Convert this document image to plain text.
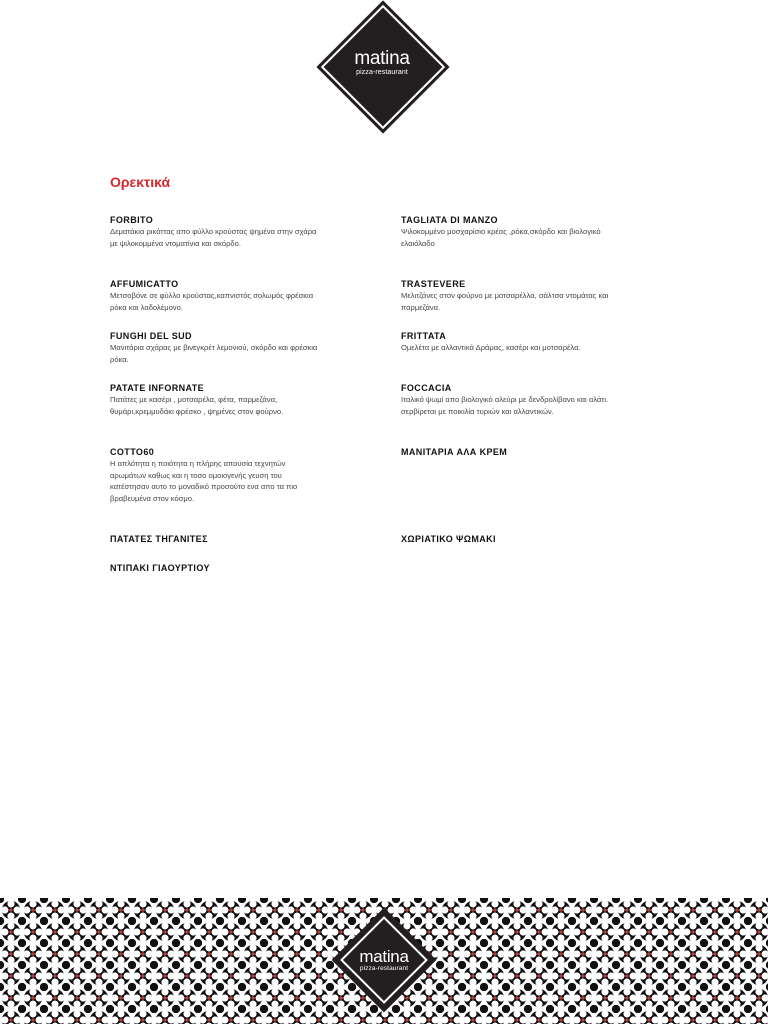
matina
pizza-restaurant
Ορεκτικά
FORBITO
Δεματάκια ρικόττας απο φύλλο κρούστας ψημένα στην σχάρα με ψιλοκομμένα ντοματίνια και σκόρδο.
TAGLIATA DI MANZO
Ψιλοκομμένο μοσχαρίσιο κρέας ,ρόκα,σκόρδο και βιολογικό ελαιόλαδο
AFFUMICATTO
Μετσοβόνε σε φύλλο κρούστας,καπνιστός σολωμός φρέσκια ρόκα και λαδολέμονο.
TRASTEVERE
Μελιτζάνες στον φούρνο με μοτσαρέλλα, σάλτσα ντομάτας και παρμεζάνα.
FUNGHI DEL SUD
Μανιτάρια σχάρας με βινεγκρέτ λεμονιού, σκόρδο και φρέσκια ρόκα.
FRITTATA
Ομελέτα με αλλαντικά Δράμας, κασέρι και μοτσαρέλα.
PATATE INFORNATE
Πατάτες με κασέρι , μοτσαρέλα, φέτα, παρμεζάνα, θυμάρι,κρεμμυδάκι φρέσκο , ψημένες στον φούρνο.
FOCCACIA
Ιταλικό ψωμί απο βιολογικό αλεύρι με δενδρολίβανο και αλάτι. σερβίρεται με ποικιλία τυριών και αλλαντικών.
COTTO60
Η απλότητα η ποιότητα η πλήρης απουσία τεχνητών αρωμάτων καθως και η τοσο ομοιογενής γευση του κατέστησαν αυτο το μοναδικό προσούτο ενα απο τα πιο βραβευμένα στον κόσμο.
ΜΑΝΙΤΑΡΙΑ ΑΛΑ ΚΡΕΜ
ΠΑΤΑΤΕΣ ΤΗΓΑΝΙΤΕΣ	ΧΩΡΙΑΤΙΚΟ ΨΩΜΑΚΙ
ΝΤΙΠΑΚΙ ΓΙΑΟΥΡΤΙΟΥ
matina
pizza-restaurant
